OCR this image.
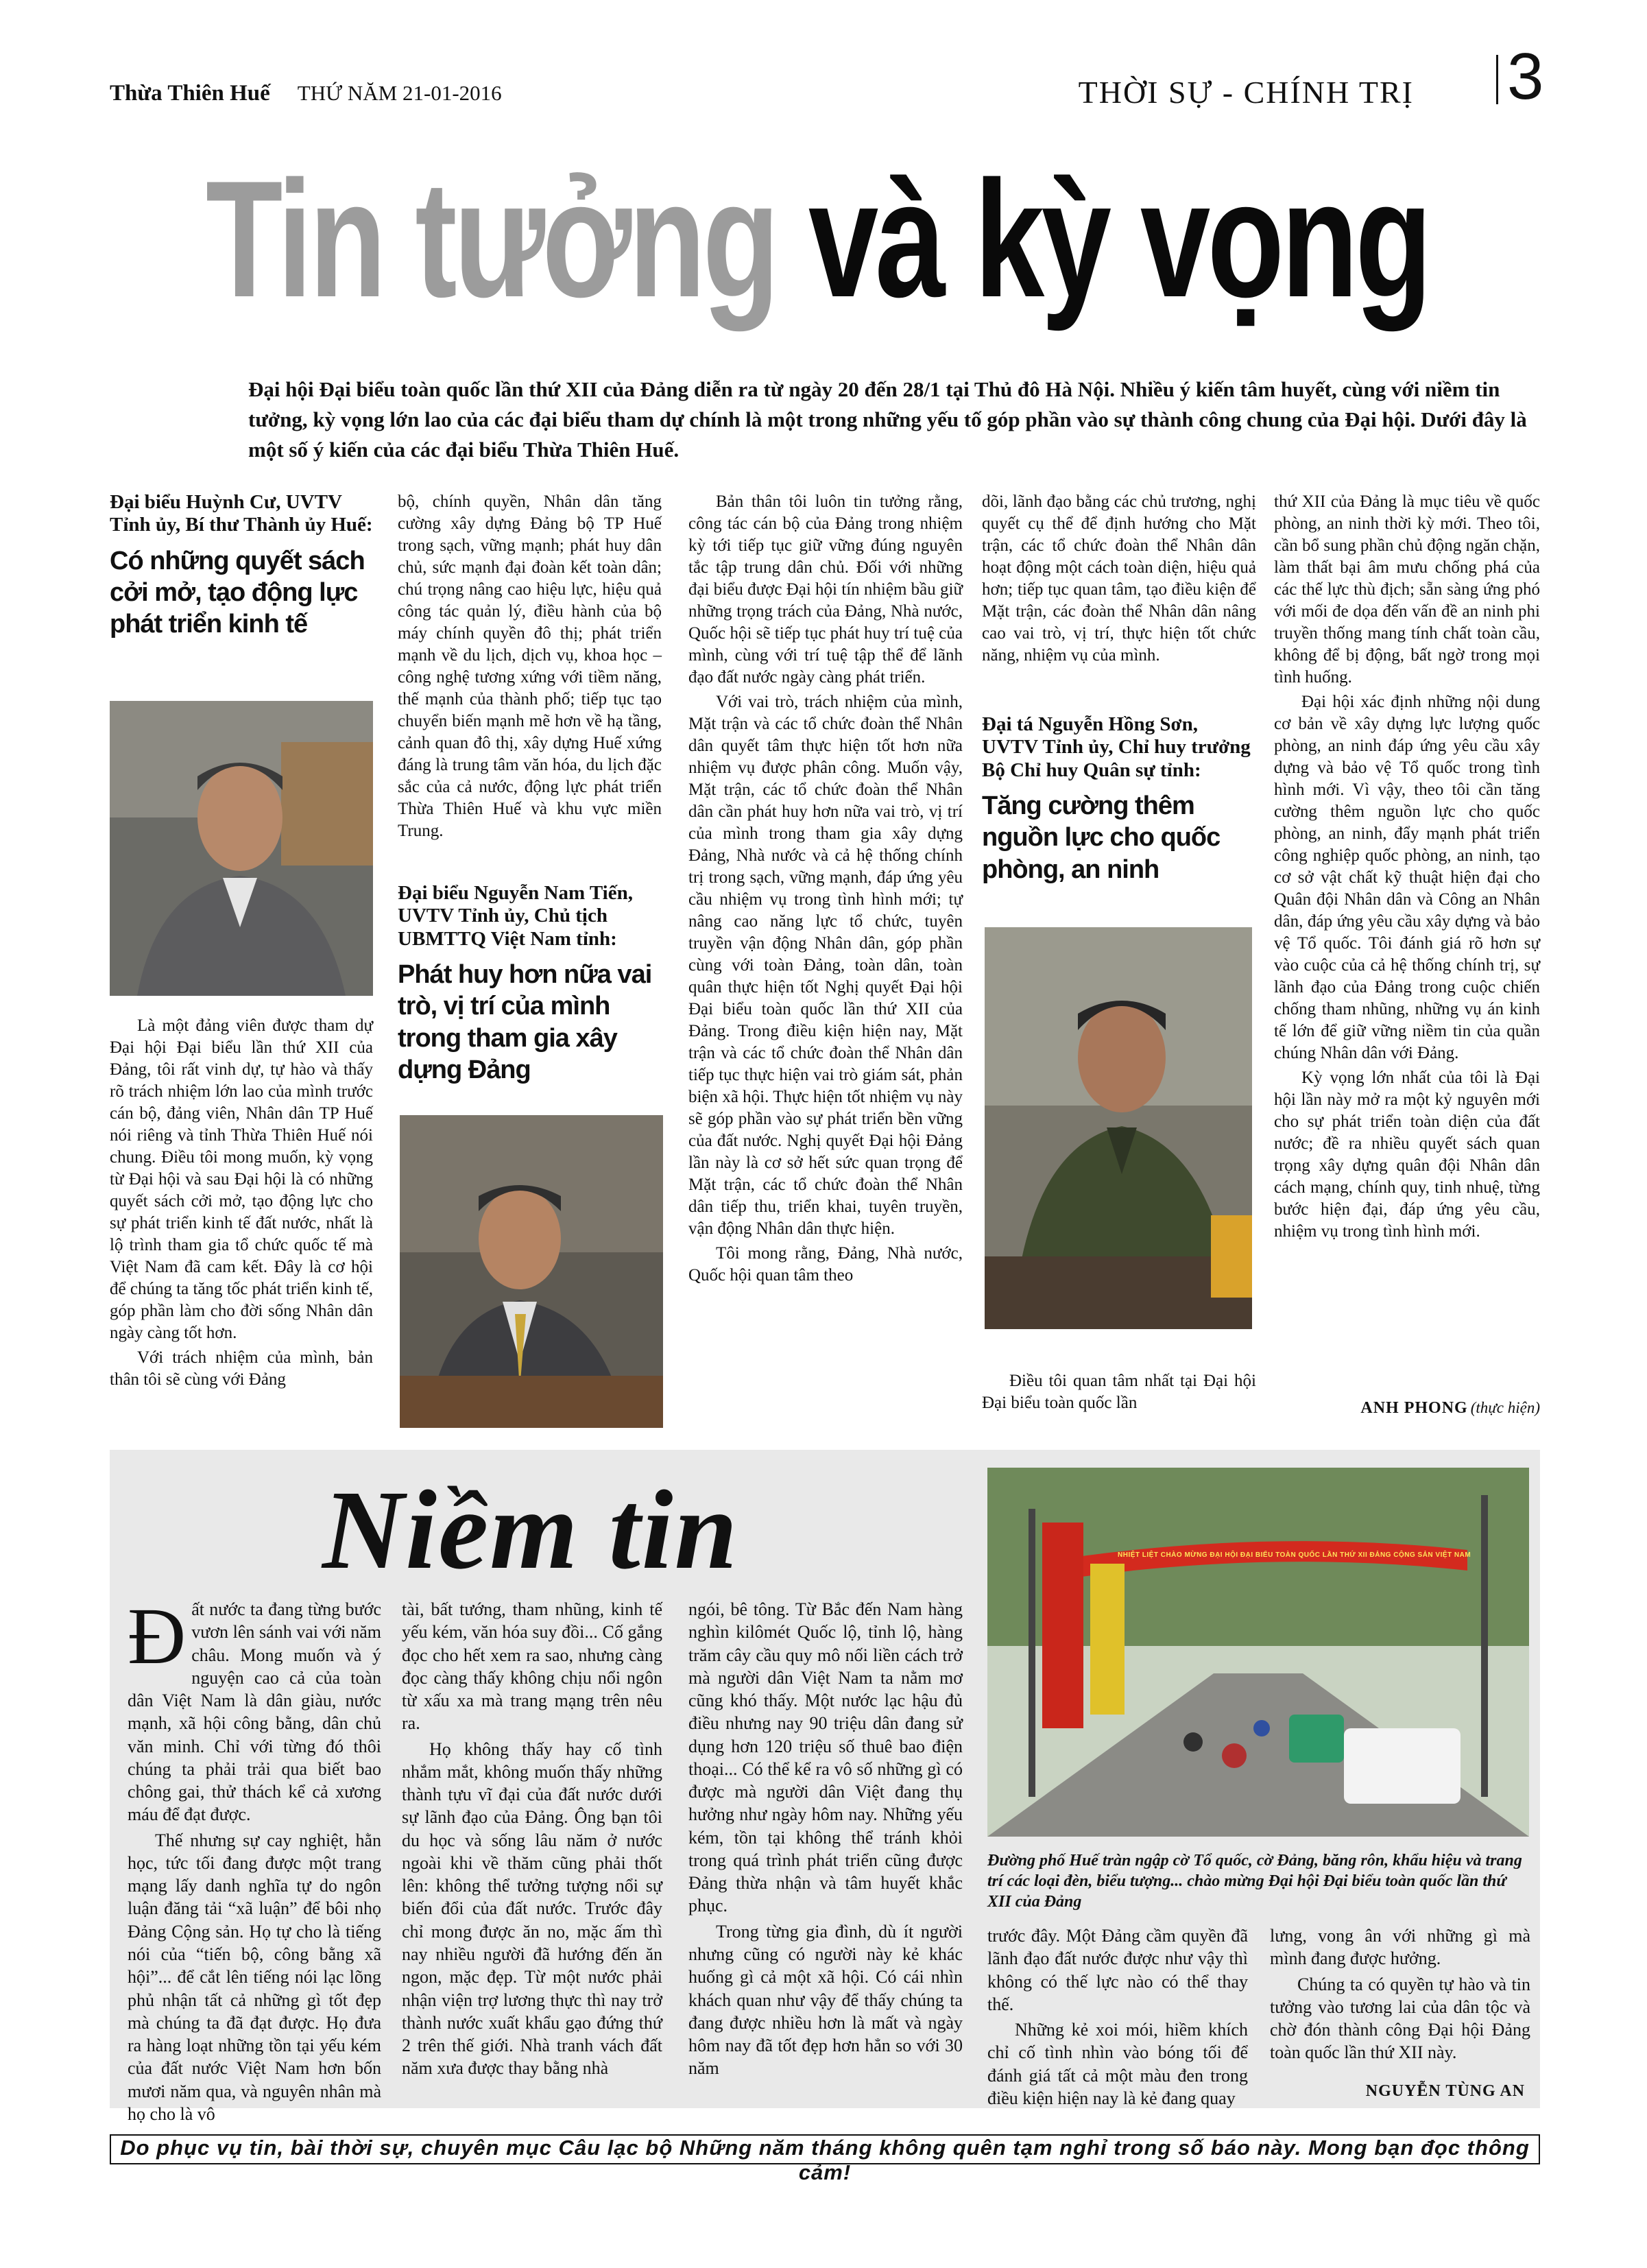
Thừa Thiên Huế THỨ NĂM 21-01-2016	THỜI SỰ - CHÍNH TRỊ 3
Tin tưởng và kỳ vọng
Đại hội Đại biểu toàn quốc lần thứ XII của Đảng diễn ra từ ngày 20 đến 28/1 tại Thủ đô Hà Nội. Nhiều ý kiến tâm huyết, cùng với niềm tin tưởng, kỳ vọng lớn lao của các đại biểu tham dự chính là một trong những yếu tố góp phần vào sự thành công chung của Đại hội. Dưới đây là một số ý kiến của các đại biểu Thừa Thiên Huế.
Đại biểu Huỳnh Cư, UVTV Tỉnh ủy, Bí thư Thành ủy Huế:
Có những quyết sách cởi mở, tạo động lực phát triển kinh tế

Là một đảng viên được tham dự Đại hội Đại biểu lần thứ XII của Đảng, tôi rất vinh dự, tự hào và thấy rõ trách nhiệm lớn lao của mình trước cán bộ, đảng viên, Nhân dân TP Huế nói riêng và tỉnh Thừa Thiên Huế nói chung. Điều tôi mong muốn, kỳ vọng từ Đại hội và sau Đại hội là có những quyết sách cởi mở, tạo động lực cho sự phát triển kinh tế đất nước, nhất là lộ trình tham gia tổ chức quốc tế mà Việt Nam đã cam kết. Đây là cơ hội để chúng ta tăng tốc phát triển kinh tế, góp phần làm cho đời sống Nhân dân ngày càng tốt hơn.

Với trách nhiệm của mình, bản thân tôi sẽ cùng với Đảng

bộ, chính quyền, Nhân dân tăng cường xây dựng Đảng bộ TP Huế trong sạch, vững mạnh; phát huy dân chủ, sức mạnh đại đoàn kết toàn dân; chú trọng nâng cao hiệu lực, hiệu quả công tác quản lý, điều hành của bộ máy chính quyền đô thị; phát triển mạnh về du lịch, dịch vụ, khoa học – công nghệ tương xứng với tiềm năng, thế mạnh của thành phố; tiếp tục tạo chuyển biến mạnh mẽ hơn về hạ tầng, cảnh quan đô thị, xây dựng Huế xứng đáng là trung tâm văn hóa, du lịch đặc sắc của cả nước, động lực phát triển Thừa Thiên Huế và khu vực miền Trung.

Đại biểu Nguyễn Nam Tiến, UVTV Tỉnh ủy, Chủ tịch UBMTTQ Việt Nam tỉnh:
Phát huy hơn nữa vai trò, vị trí của mình trong tham gia xây dựng Đảng

Bản thân tôi luôn tin tưởng rằng, công tác cán bộ của Đảng trong nhiệm kỳ tới tiếp tục giữ vững đúng nguyên tắc tập trung dân chủ. Đối với những đại biểu được Đại hội tín nhiệm bầu giữ những trọng trách của Đảng, Nhà nước, Quốc hội sẽ tiếp tục phát huy trí tuệ của mình, cùng với trí tuệ tập thể để lãnh đạo đất nước ngày càng phát triển.

Với vai trò, trách nhiệm của mình, Mặt trận và các tổ chức đoàn thể Nhân dân quyết tâm thực hiện tốt hơn nữa nhiệm vụ được phân công. Muốn vậy, Mặt trận, các tổ chức đoàn thể Nhân dân cần phát huy hơn nữa vai trò, vị trí của mình trong tham gia xây dựng Đảng, Nhà nước và cả hệ thống chính trị trong sạch, vững mạnh, đáp ứng yêu cầu nhiệm vụ trong tình hình mới; tự nâng cao năng lực tổ chức, tuyên truyền vận động Nhân dân, góp phần cùng với toàn Đảng, toàn dân, toàn quân thực hiện tốt Nghị quyết Đại hội Đại biểu toàn quốc lần thứ XII của Đảng. Trong điều kiện hiện nay, Mặt trận và các tổ chức đoàn thể Nhân dân tiếp tục thực hiện vai trò giám sát, phản biện xã hội. Thực hiện tốt nhiệm vụ này sẽ góp phần vào sự phát triển bền vững của đất nước. Nghị quyết Đại hội Đảng lần này là cơ sở hết sức quan trọng để Mặt trận, các tổ chức đoàn thể Nhân dân tiếp thu, triển khai, tuyên truyền, vận động Nhân dân thực hiện.

Tôi mong rằng, Đảng, Nhà nước, Quốc hội quan tâm theo

dõi, lãnh đạo bằng các chủ trương, nghị quyết cụ thể để định hướng cho Mặt trận, các tổ chức đoàn thể Nhân dân hoạt động một cách toàn diện, hiệu quả hơn; tiếp tục quan tâm, tạo điều kiện để Mặt trận, các đoàn thể Nhân dân nâng cao vai trò, vị trí, thực hiện tốt chức năng, nhiệm vụ của mình.

Đại tá Nguyễn Hồng Sơn, UVTV Tỉnh ủy, Chỉ huy trưởng Bộ Chỉ huy Quân sự tỉnh:
Tăng cường thêm nguồn lực cho quốc phòng, an ninh

Điều tôi quan tâm nhất tại Đại hội Đại biểu toàn quốc lần

thứ XII của Đảng là mục tiêu về quốc phòng, an ninh thời kỳ mới. Theo tôi, cần bổ sung phần chủ động ngăn chặn, làm thất bại âm mưu chống phá của các thế lực thù địch; sẵn sàng ứng phó với mối đe dọa đến vấn đề an ninh phi truyền thống mang tính chất toàn cầu, không để bị động, bất ngờ trong mọi tình huống.

Đại hội xác định những nội dung cơ bản về xây dựng lực lượng quốc phòng, an ninh đáp ứng yêu cầu xây dựng và bảo vệ Tổ quốc trong tình hình mới. Vì vậy, theo tôi cần tăng cường thêm nguồn lực cho quốc phòng, an ninh, đẩy mạnh phát triển công nghiệp quốc phòng, an ninh, tạo cơ sở vật chất kỹ thuật hiện đại cho Quân đội Nhân dân và Công an Nhân dân, đáp ứng yêu cầu xây dựng và bảo vệ Tổ quốc. Tôi đánh giá rõ hơn sự vào cuộc của cả hệ thống chính trị, sự lãnh đạo của Đảng trong cuộc chiến chống tham nhũng, những vụ án kinh tế lớn để giữ vững niềm tin của quần chúng Nhân dân với Đảng.

Kỳ vọng lớn nhất của tôi là Đại hội lần này mở ra một kỷ nguyên mới cho sự phát triển toàn diện của đất nước; đề ra nhiều quyết sách quan trọng xây dựng quân đội Nhân dân cách mạng, chính quy, tinh nhuệ, từng bước hiện đại, đáp ứng yêu cầu, nhiệm vụ trong tình hình mới.

ANH PHONG (thực hiện)
Niềm tin

Đất nước ta đang từng bước vươn lên sánh vai với năm châu. Mong muốn và ý nguyện cao cả của toàn dân Việt Nam là dân giàu, nước mạnh, xã hội công bằng, dân chủ văn minh. Chỉ với từng đó thôi chúng ta phải trải qua biết bao chông gai, thử thách kể cả xương máu để đạt được.

Thế nhưng sự cay nghiệt, hằn học, tức tối đang được một trang mạng lấy danh nghĩa tự do ngôn luận đăng tải “xã luận” để bôi nhọ Đảng Cộng sản. Họ tự cho là tiếng nói của “tiến bộ, công bằng xã hội”... để cắt lên tiếng nói lạc lõng phủ nhận tất cả những gì tốt đẹp mà chúng ta đã đạt được. Họ đưa ra hàng loạt những tồn tại yếu kém của đất nước Việt Nam hơn bốn mươi năm qua, và nguyên nhân mà họ cho là vô

tài, bất tướng, tham nhũng, kinh tế yếu kém, văn hóa suy đồi... Cố gắng đọc cho hết xem ra sao, nhưng càng đọc càng thấy không chịu nổi ngôn từ xấu xa mà trang mạng trên nêu ra.

Họ không thấy hay cố tình nhắm mắt, không muốn thấy những thành tựu vĩ đại của đất nước dưới sự lãnh đạo của Đảng. Ông bạn tôi du học và sống lâu năm ở nước ngoài khi về thăm cũng phải thốt lên: không thể tưởng tượng nổi sự biến đổi của đất nước. Trước đây chỉ mong được ăn no, mặc ấm thì nay nhiều người đã hướng đến ăn ngon, mặc đẹp. Từ một nước phải nhận viện trợ lương thực thì nay trở thành nước xuất khẩu gạo đứng thứ 2 trên thế giới. Nhà tranh vách đất năm xưa được thay bằng nhà

ngói, bê tông. Từ Bắc đến Nam hàng nghìn kilômét Quốc lộ, tỉnh lộ, hàng trăm cây cầu quy mô nối liền cách trở mà người dân Việt Nam ta nằm mơ cũng khó thấy. Một nước lạc hậu đủ điều nhưng nay 90 triệu dân đang sử dụng hơn 120 triệu số thuê bao điện thoại... Có thể kể ra vô số những gì có được mà người dân Việt đang thụ hưởng như ngày hôm nay. Những yếu kém, tồn tại không thể tránh khỏi trong quá trình phát triển cũng được Đảng thừa nhận và tâm huyết khắc phục.

Trong từng gia đình, dù ít người nhưng cũng có người này kẻ khác huống gì cả một xã hội. Có cái nhìn khách quan như vậy để thấy chúng ta đang được nhiều hơn là mất và ngày hôm nay đã tốt đẹp hơn hẳn so với 30 năm

NHIỆT LIỆT CHÀO MỪNG ĐẠI HỘI ĐẠI BIỂU TOÀN QUỐC LẦN THỨ XII ĐẢNG CỘNG SẢN VIỆT NAM
Đường phố Huế tràn ngập cờ Tổ quốc, cờ Đảng, băng rôn, khẩu hiệu và trang trí các loại đèn, biểu tượng... chào mừng Đại hội Đại biểu toàn quốc lần thứ XII của Đảng

trước đây. Một Đảng cầm quyền đã lãnh đạo đất nước được như vậy thì không có thế lực nào có thể thay thế.

Những kẻ xoi mói, hiềm khích chỉ cố tình nhìn vào bóng tối để đánh giá tất cả một màu đen trong điều kiện hiện nay là kẻ đang quay

lưng, vong ân với những gì mà mình đang được hưởng.

Chúng ta có quyền tự hào và tin tưởng vào tương lai của dân tộc và chờ đón thành công Đại hội Đảng toàn quốc lần thứ XII này.

NGUYỄN TÙNG AN
Do phục vụ tin, bài thời sự, chuyên mục Câu lạc bộ Những năm tháng không quên tạm nghỉ trong số báo này. Mong bạn đọc thông cảm!
